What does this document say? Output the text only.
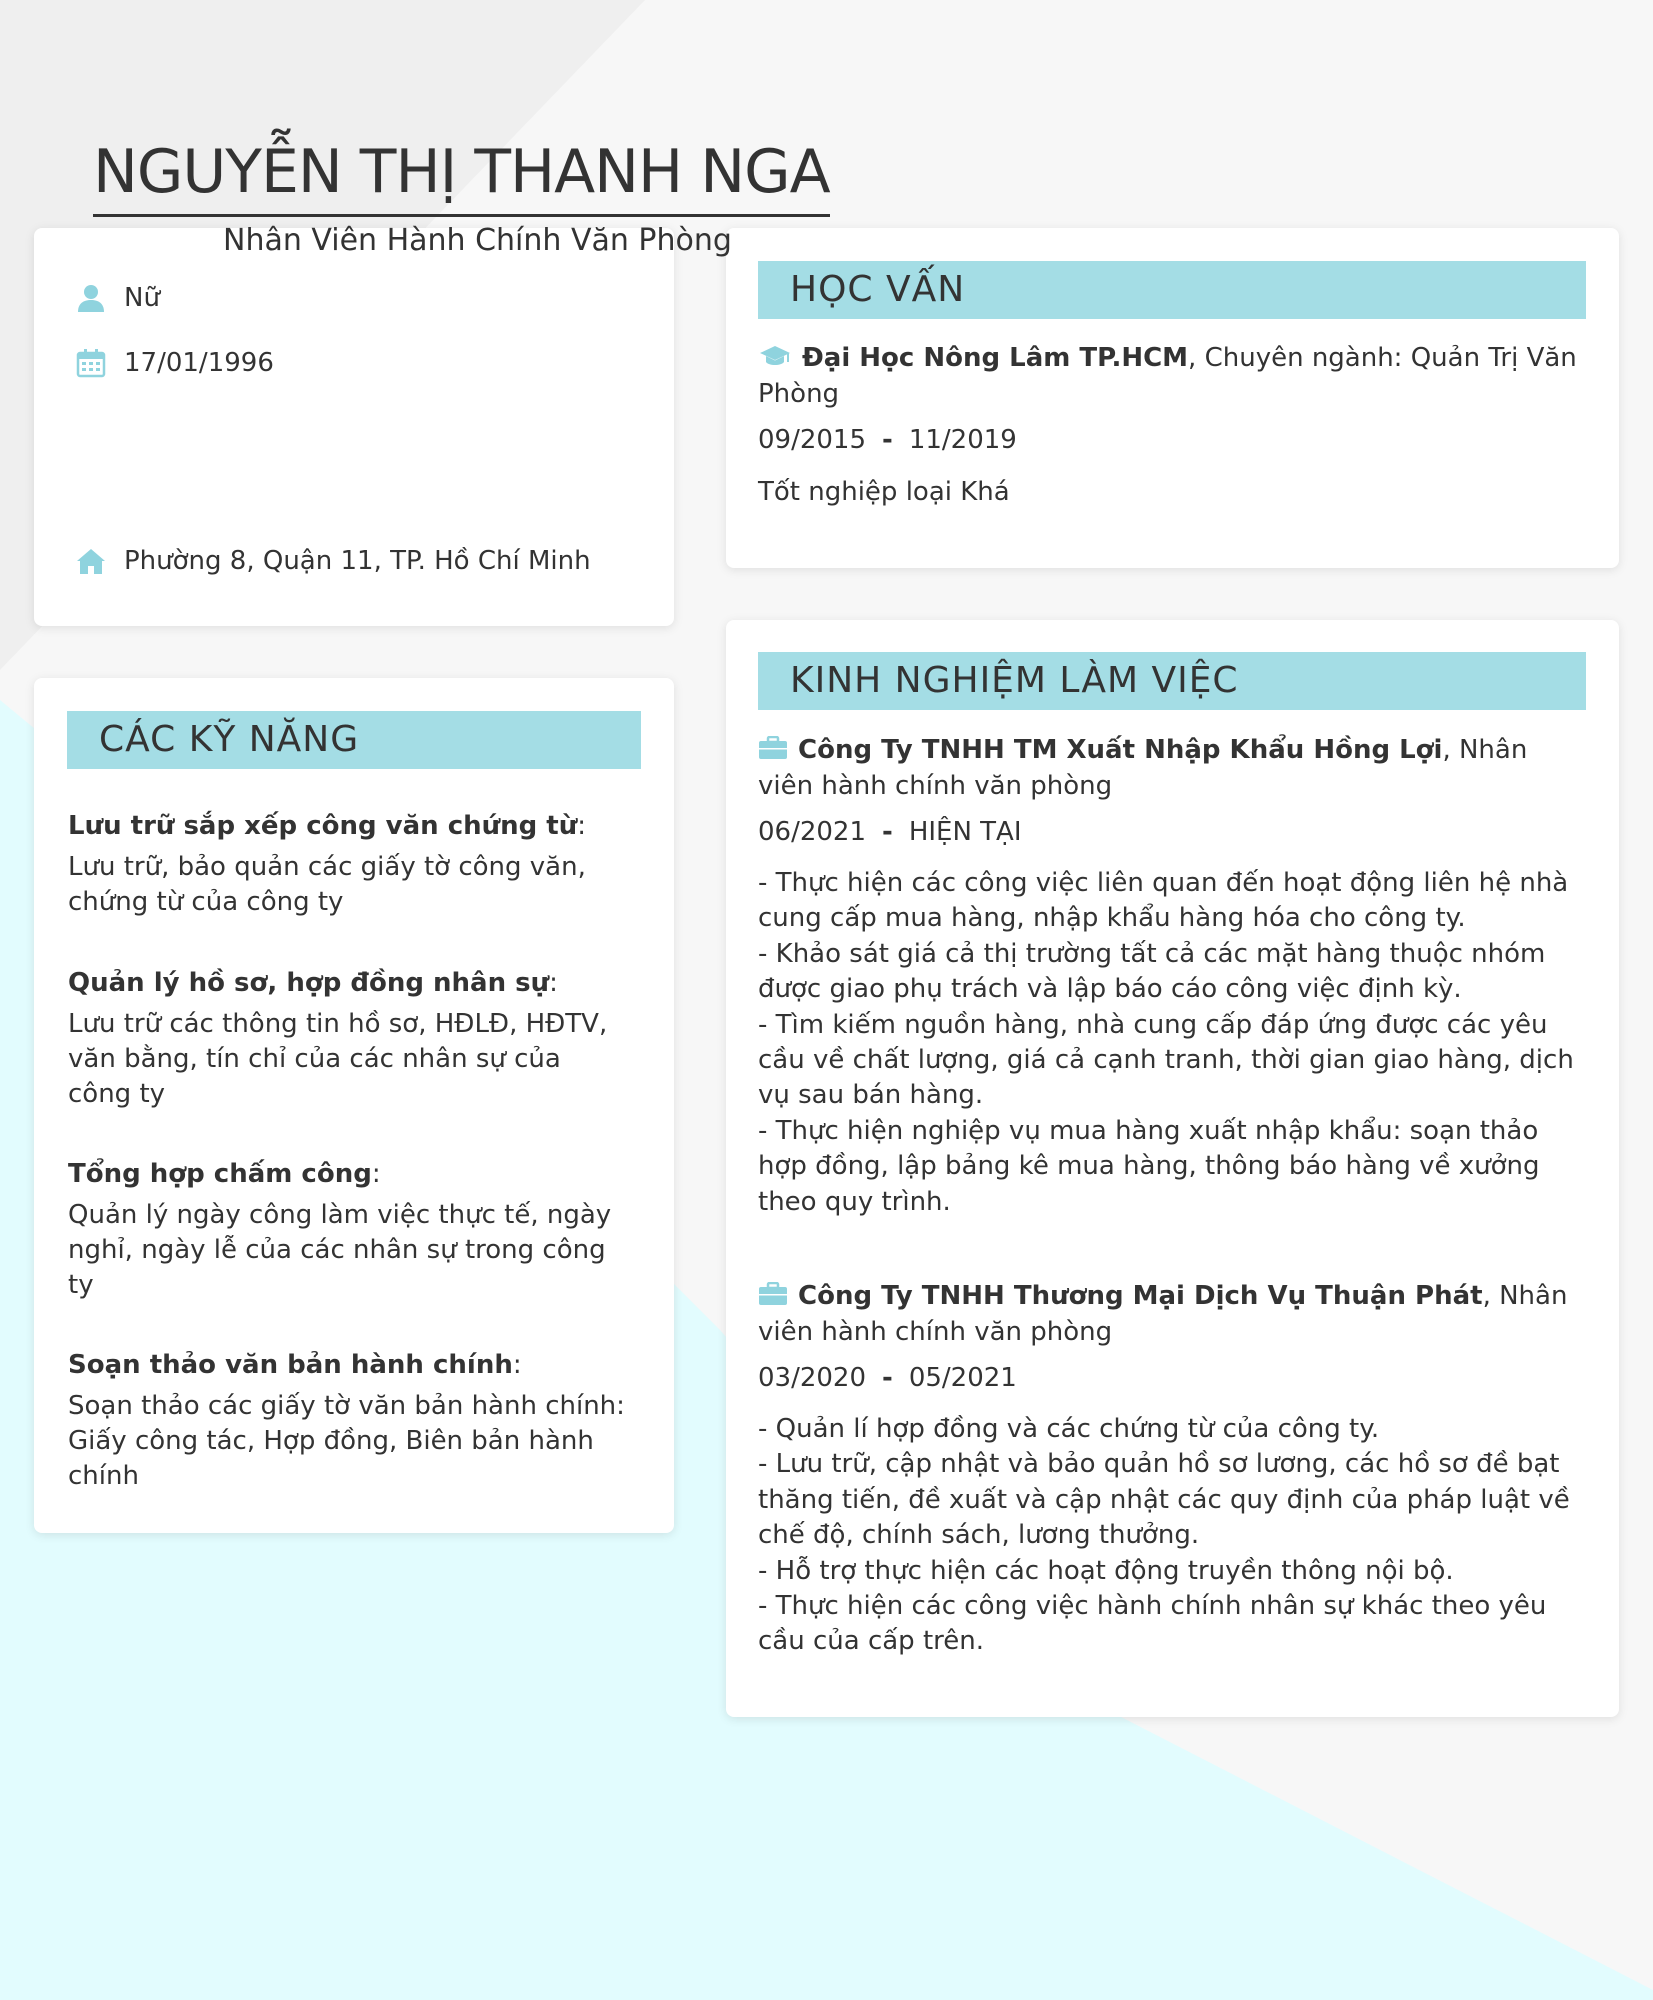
NGUYỄN THỊ THANH NGA
Nhân Viên Hành Chính Văn Phòng
Nữ
17/01/1996
Phường 8, Quận 11, TP. Hồ Chí Minh
CÁC KỸ NĂNG
Lưu trữ sắp xếp công văn chứng từ:
Lưu trữ, bảo quản các giấy tờ công văn, chứng từ của công ty
Quản lý hồ sơ, hợp đồng nhân sự:
Lưu trữ các thông tin hồ sơ, HĐLĐ, HĐTV, văn bằng, tín chỉ của các nhân sự của công ty
Tổng hợp chấm công:
Quản lý ngày công làm việc thực tế, ngày nghỉ, ngày lễ của các nhân sự trong công ty
Soạn thảo văn bản hành chính:
Soạn thảo các giấy tờ văn bản hành chính: Giấy công tác, Hợp đồng, Biên bản hành chính
HỌC VẤN
Đại Học Nông Lâm TP.HCM, Chuyên ngành: Quản Trị Văn Phòng
09/2015 - 11/2019
Tốt nghiệp loại Khá
KINH NGHIỆM LÀM VIỆC
Công Ty TNHH TM Xuất Nhập Khẩu Hồng Lợi, Nhân viên hành chính văn phòng
06/2021 - HIỆN TẠI
- Thực hiện các công việc liên quan đến hoạt động liên hệ nhà cung cấp mua hàng, nhập khẩu hàng hóa cho công ty.
- Khảo sát giá cả thị trường tất cả các mặt hàng thuộc nhóm được giao phụ trách và lập báo cáo công việc định kỳ.
- Tìm kiếm nguồn hàng, nhà cung cấp đáp ứng được các yêu cầu về chất lượng, giá cả cạnh tranh, thời gian giao hàng, dịch vụ sau bán hàng.
- Thực hiện nghiệp vụ mua hàng xuất nhập khẩu: soạn thảo hợp đồng, lập bảng kê mua hàng, thông báo hàng về xưởng theo quy trình.
Công Ty TNHH Thương Mại Dịch Vụ Thuận Phát, Nhân viên hành chính văn phòng
03/2020 - 05/2021
- Quản lí hợp đồng và các chứng từ của công ty.
- Lưu trữ, cập nhật và bảo quản hồ sơ lương, các hồ sơ đề bạt thăng tiến, đề xuất và cập nhật các quy định của pháp luật về chế độ, chính sách, lương thưởng.
- Hỗ trợ thực hiện các hoạt động truyền thông nội bộ.
- Thực hiện các công việc hành chính nhân sự khác theo yêu cầu của cấp trên.
